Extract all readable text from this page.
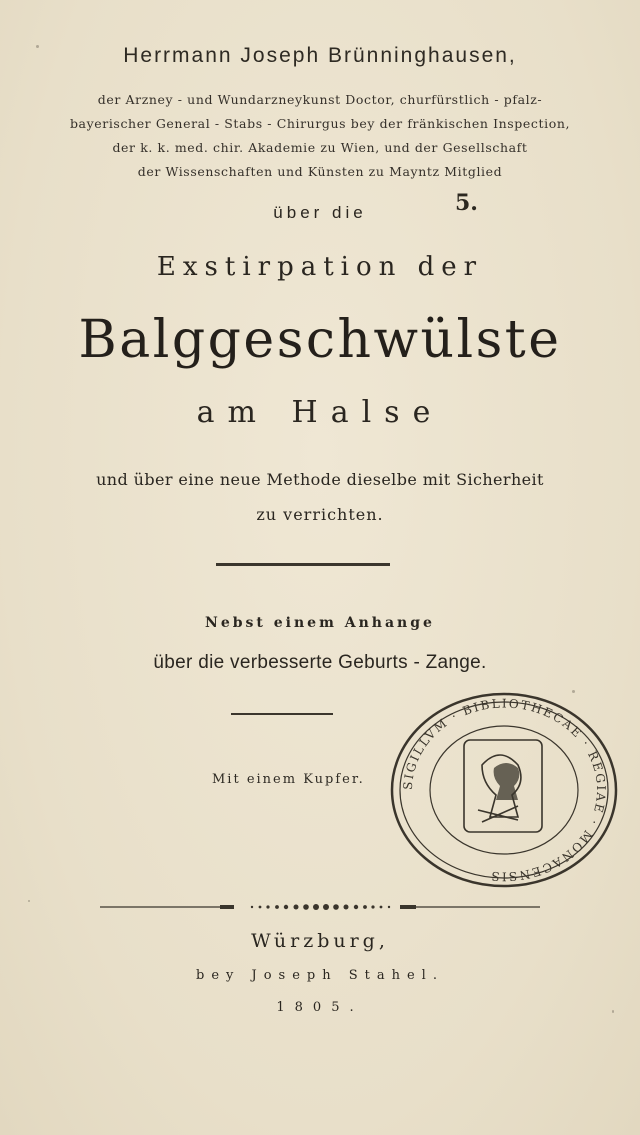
Herrmann Joseph Brünninghausen,
der Arzney - und Wundarzneykunst Doctor, churfürstlich - pfalz-
bayerischer General - Stabs - Chirurgus bey der fränkischen Inspection,
der k. k. med. chir. Akademie zu Wien, und der Gesellschaft
der Wissenschaften und Künsten zu Mayntz Mitglied
über die	5.
Exstirpation der
Balggeschwülste
am Halse
und über eine neue Methode dieselbe mit Sicherheit
zu verrichten.
Nebst einem Anhange
über die verbesserte Geburts - Zange.
Mit einem Kupfer.	SIGILLVM · BIBLIOTHECAE · REGIAE · MONACENSIS
Würzburg,
bey Joseph Stahel.
1805.
